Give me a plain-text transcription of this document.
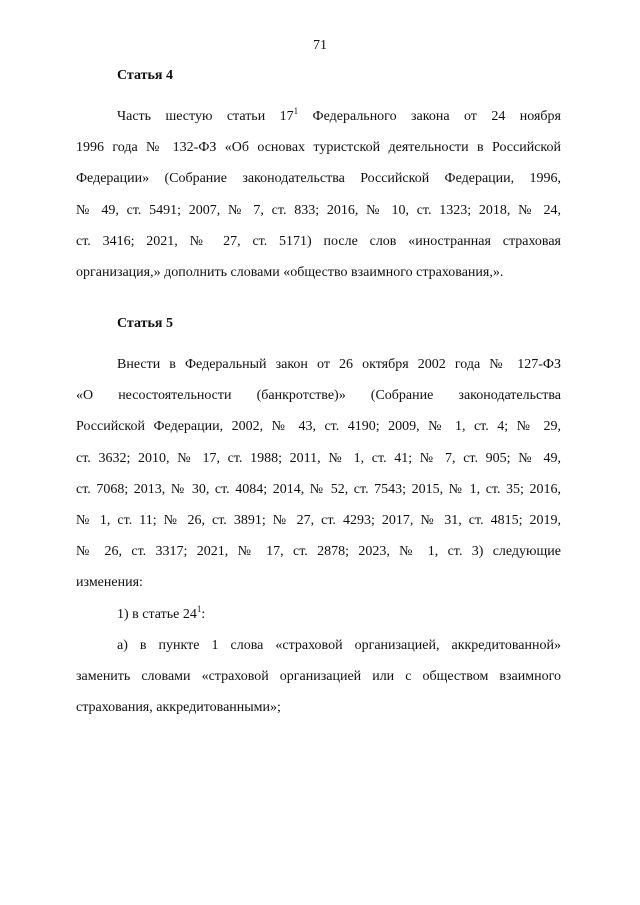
71
Статья 4
Часть шестую статьи $17^1$ Федерального закона от 24 ноября
1996 года № 132-ФЗ «Об основах туристской деятельности в Российской
Федерации» (Собрание законодательства Российской Федерации, 1996,
№ 49, ст. 5491; 2007, № 7, ст. 833; 2016, № 10, ст. 1323; 2018, № 24,
ст. 3416; 2021, № 27, ст. 5171) после слов «иностранная страховая
организация,» дополнить словами «общество взаимного страхования,».
Статья 5
Внести в Федеральный закон от 26 октября 2002 года № 127-ФЗ
«О несостоятельности (банкротстве)» (Собрание законодательства
Российской Федерации, 2002, № 43, ст. 4190; 2009, № 1, ст. 4; № 29,
ст. 3632; 2010, № 17, ст. 1988; 2011, № 1, ст. 41; № 7, ст. 905; № 49,
ст. 7068; 2013, № 30, ст. 4084; 2014, № 52, ст. 7543; 2015, № 1, ст. 35; 2016,
№ 1, ст. 11; № 26, ст. 3891; № 27, ст. 4293; 2017, № 31, ст. 4815; 2019,
№ 26, ст. 3317; 2021, № 17, ст. 2878; 2023, № 1, ст. 3) следующие
изменения:
1) в статье $24^1$:
а) в пункте 1 слова «страховой организацией, аккредитованной»
заменить словами «страховой организацией или с обществом взаимного
страхования, аккредитованными»;
